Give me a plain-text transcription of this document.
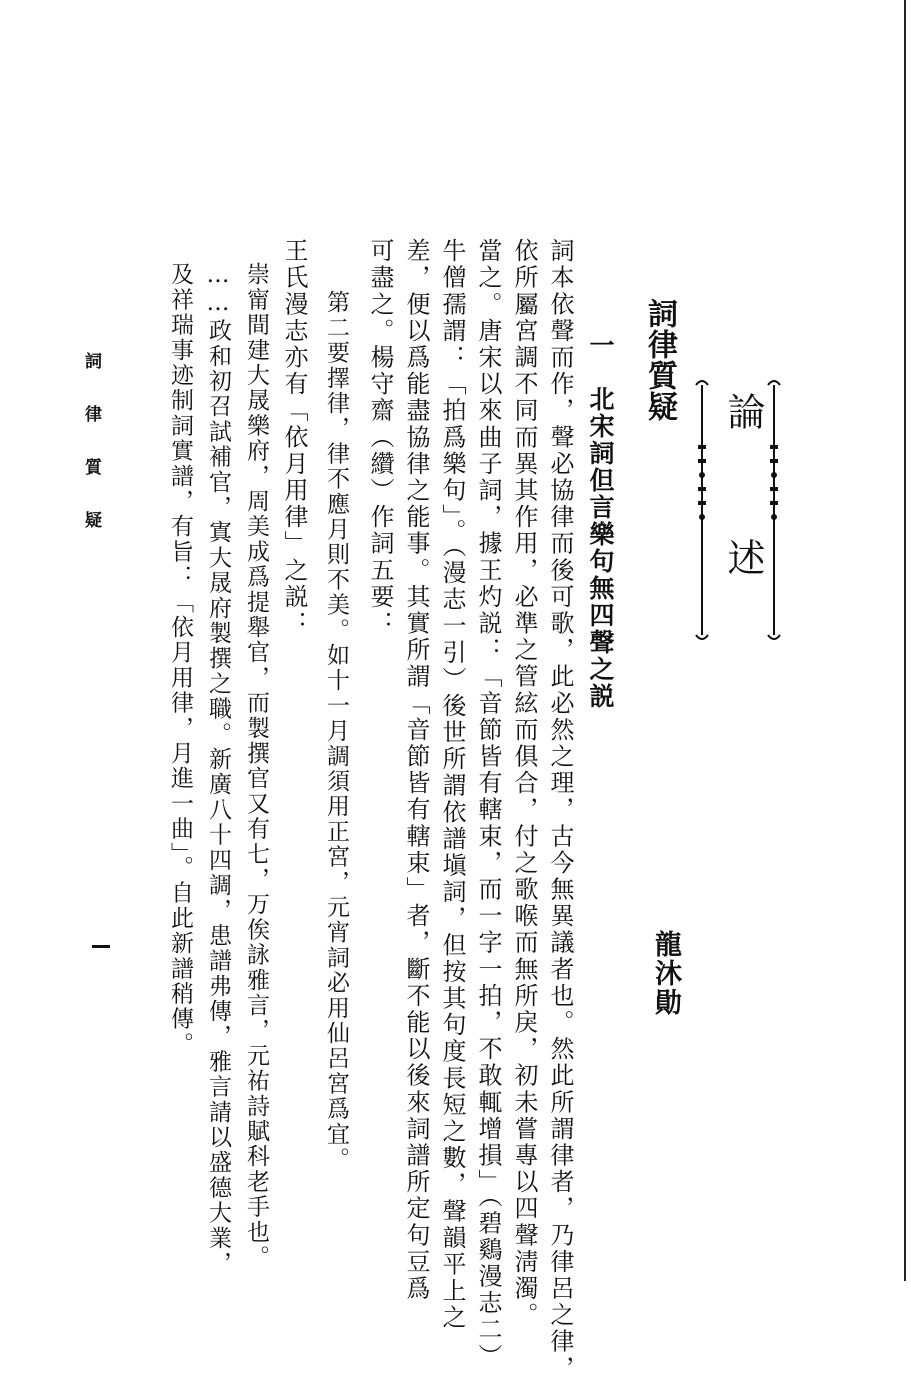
論述
詞律質疑
龍沐勛
一　北宋詞但言樂句無四聲之説
詞本依聲而作，聲必協律而後可歌，此必然之理，古今無異議者也。然此所謂律者，乃律呂之律，
依所屬宮調不同而異其作用，必準之管絃而俱合，付之歌喉而無所戾，初未嘗專以四聲淸濁。
當之。唐宋以來曲子詞，據王灼説：「音節皆有轄束，而一字一拍，不敢輒增損」（碧鷄漫志二）
牛僧孺謂：「拍爲樂句」。（漫志一引）後世所謂依譜塡詞，但按其句度長短之數，聲韻平上之
差，便以爲能盡協律之能事。其實所謂「音節皆有轄束」者，斷不能以後來詞譜所定句豆爲
可盡之。楊守齋（纘）作詞五要：
第二要擇律，律不應月則不美。如十一月調須用正宮，元宵詞必用仙呂宮爲宜。
王氏漫志亦有「依月用律」之説：
崇甯間建大晟樂府，周美成爲提舉官，而製撰官又有七，万俟詠雅言，元祐詩賦科老手也。
……政和初召試補官，寘大晟府製撰之職。新廣八十四調，患譜弗傳，雅言請以盛德大業，
及祥瑞事迹制詞實譜，有旨：「依月用律，月進一曲」。自此新譜稍傳。
詞律質疑
